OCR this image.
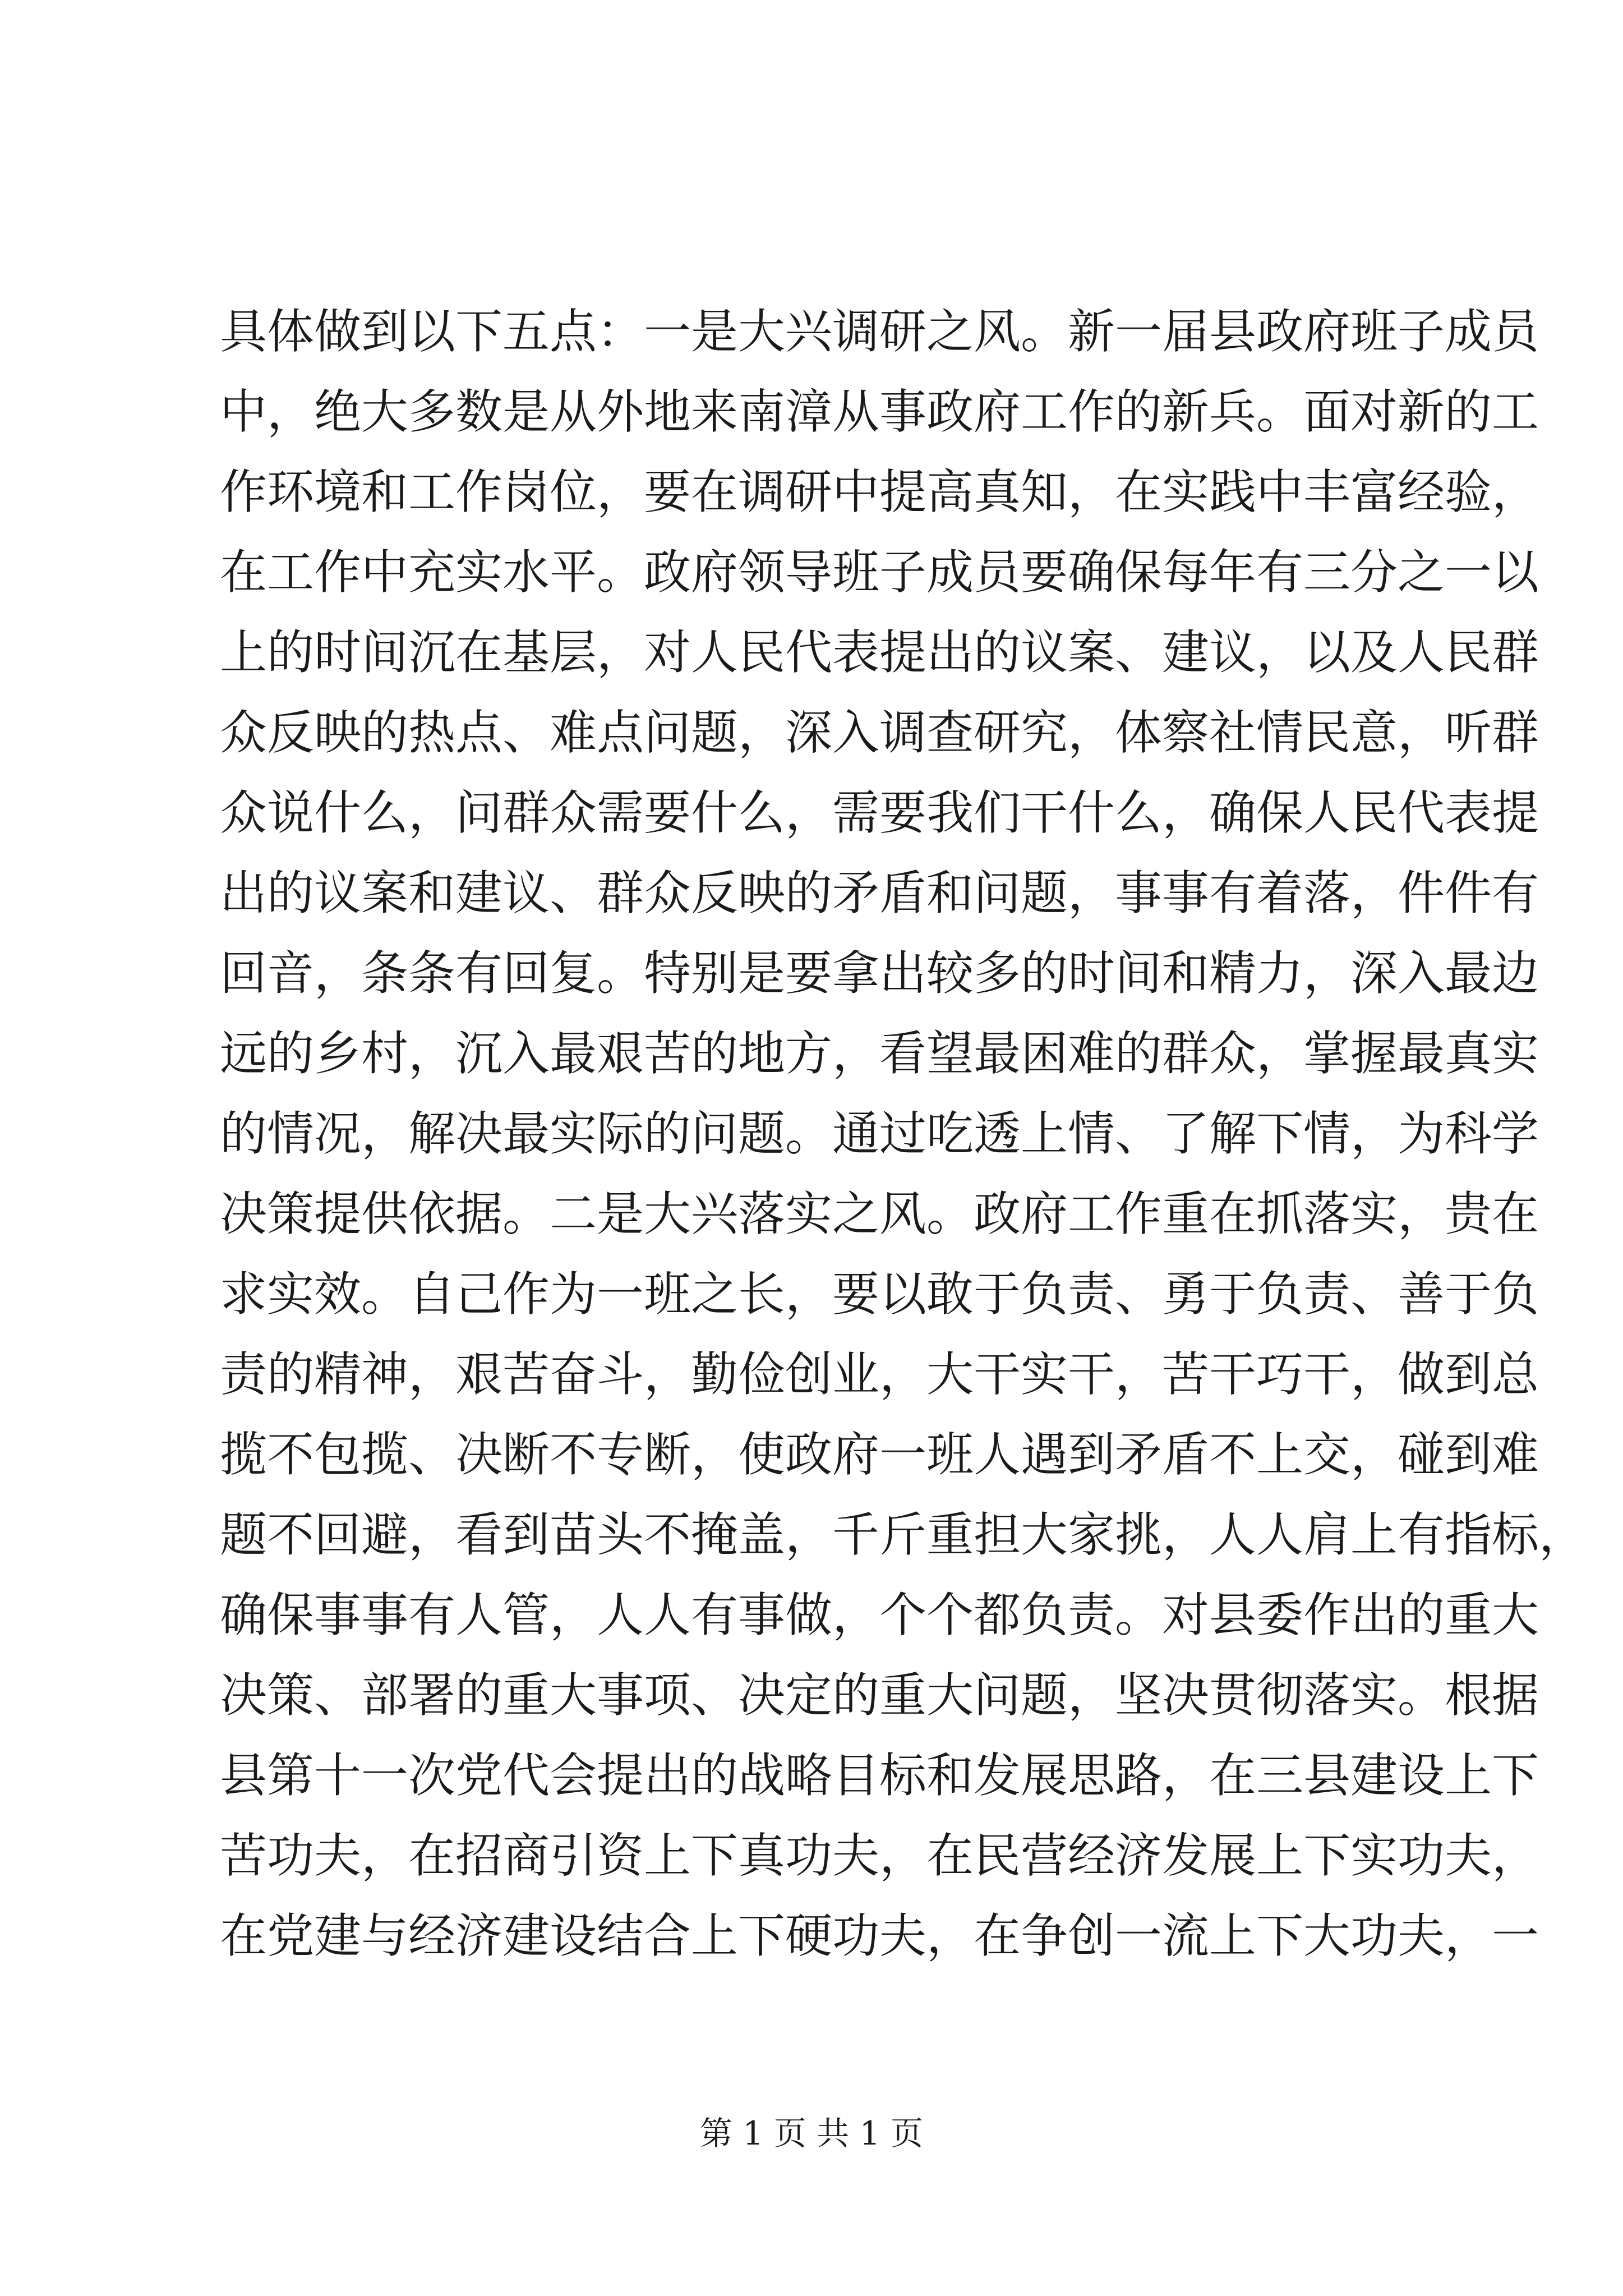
具体做到以下五点：一是大兴调研之风。新一届县政府班子成员
中，绝大多数是从外地来南漳从事政府工作的新兵。面对新的工
作环境和工作岗位，要在调研中提高真知，在实践中丰富经验，
在工作中充实水平。政府领导班子成员要确保每年有三分之一以
上的时间沉在基层，对人民代表提出的议案、建议，以及人民群
众反映的热点、难点问题，深入调查研究，体察社情民意，听群
众说什么，问群众需要什么，需要我们干什么，确保人民代表提
出的议案和建议、群众反映的矛盾和问题，事事有着落，件件有
回音，条条有回复。特别是要拿出较多的时间和精力，深入最边
远的乡村，沉入最艰苦的地方，看望最困难的群众，掌握最真实
的情况，解决最实际的问题。通过吃透上情、了解下情，为科学
决策提供依据。二是大兴落实之风。政府工作重在抓落实，贵在
求实效。自己作为一班之长，要以敢于负责、勇于负责、善于负
责的精神，艰苦奋斗，勤俭创业，大干实干，苦干巧干，做到总
揽不包揽、决断不专断，使政府一班人遇到矛盾不上交，碰到难
题不回避，看到苗头不掩盖，千斤重担大家挑，人人肩上有指标，
确保事事有人管，人人有事做，个个都负责。对县委作出的重大
决策、部署的重大事项、决定的重大问题，坚决贯彻落实。根据
县第十一次党代会提出的战略目标和发展思路，在三县建设上下
苦功夫，在招商引资上下真功夫，在民营经济发展上下实功夫，
在党建与经济建设结合上下硬功夫，在争创一流上下大功夫，一
第 1 页 共 1 页
